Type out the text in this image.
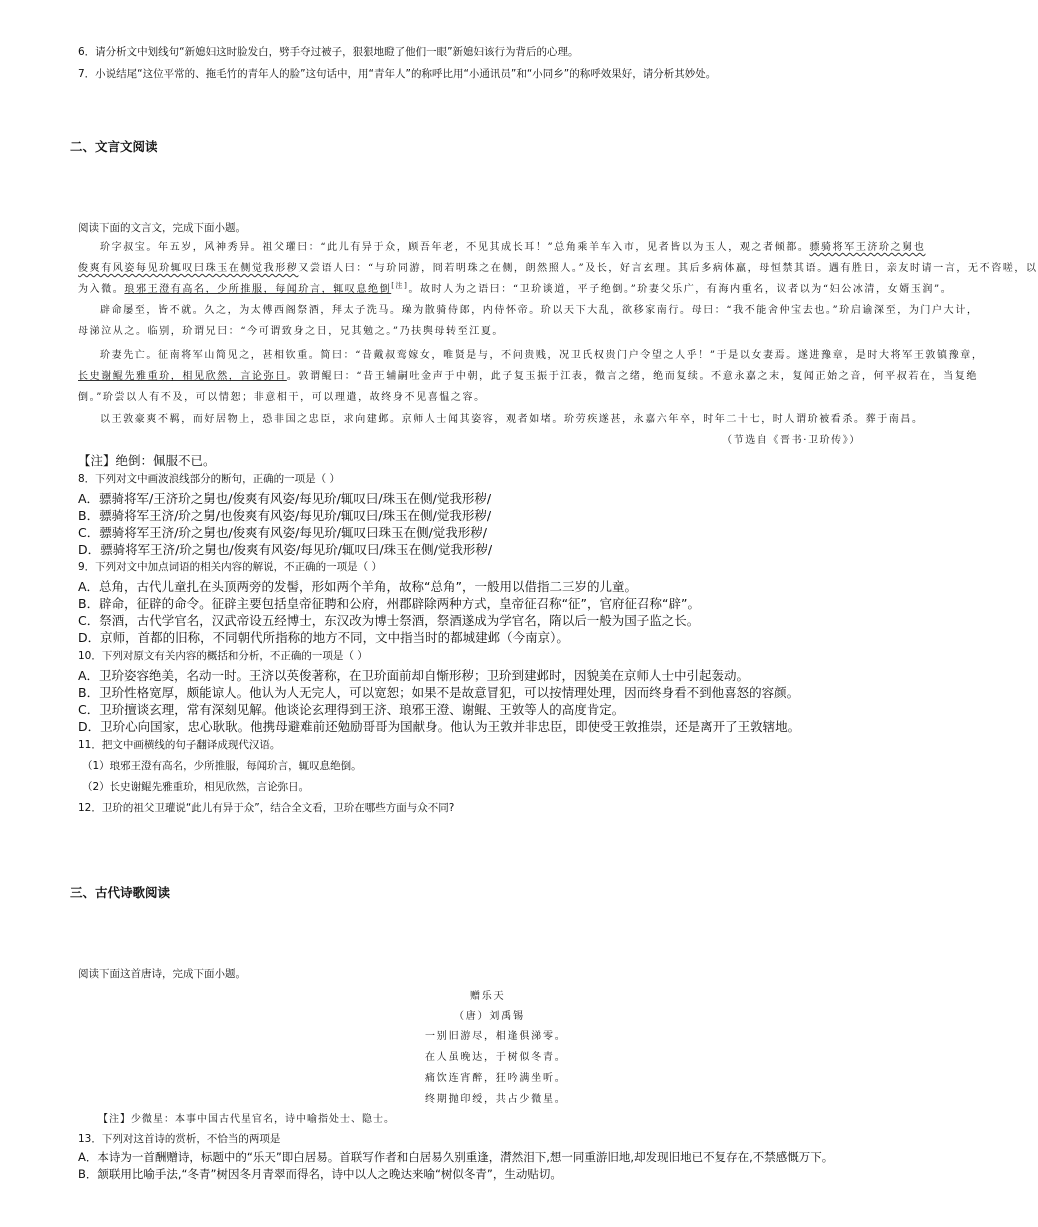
6．请分析文中划线句“新媳妇这时脸发白，劈手夺过被子，狠狠地瞪了他们一眼”新媳妇该行为背后的心理。
7．小说结尾“这位平常的、拖毛竹的青年人的脸”这句话中，用“青年人”的称呼比用“小通讯员”和“小同乡”的称呼效果好，请分析其妙处。
二、文言文阅读
阅读下面的文言文，完成下面小题。
玠字叔宝。年五岁，风神秀异。祖父瓘曰：“此儿有异于众，顾吾年老，不见其成长耳！”总角乘羊车入市，见者皆以为玉人，观之者倾都。骠骑将军王济玠之舅也
俊爽有风姿每见玠辄叹曰珠玉在侧觉我形秽又尝语人曰：“与玠同游，冏若明珠之在侧，朗然照人。”及长，好言玄理。其后多病体羸，母恒禁其语。遇有胜日，亲友时请一言，无不咨嗟，以
为入微。琅邪王澄有高名，少所推服，每闻玠言，辄叹息绝倒[注]。故时人为之语曰：“卫玠谈道，平子绝倒。”玠妻父乐广，有海内重名，议者以为“妇公冰清，女婿玉润”。
辟命屡至，皆不就。久之，为太傅西阁祭酒，拜太子洗马。璪为散骑侍郎，内侍怀帝。玠以天下大乱，欲移家南行。母曰：“我不能舍仲宝去也。”玠启谕深至，为门户大计，
母涕泣从之。临别，玠谓兄曰：“今可谓致身之日，兄其勉之。”乃扶舆母转至江夏。
玠妻先亡。征南将军山简见之，甚相钦重。简曰：“昔戴叔鸾嫁女，唯贤是与，不问贵贱，况卫氏权贵门户令望之人乎！”于是以女妻焉。遂进豫章，是时大将军王敦镇豫章，
长史谢鲲先雅重玠，相见欣然，言论弥日。敦谓鲲曰：“昔王辅嗣吐金声于中朝，此子复玉振于江表，微言之绪，绝而复续。不意永嘉之末，复闻正始之音，何平叔若在，当复绝
倒。”玠尝以人有不及，可以情恕；非意相干，可以理遣，故终身不见喜愠之容。
以王敦豪爽不羁，而好居物上，恐非国之忠臣，求向建邺。京师人士闻其姿容，观者如堵。玠劳疾遂甚，永嘉六年卒，时年二十七，时人谓玠被看杀。葬于南昌。
（节选自《晋书·卫玠传》）
【注】绝倒：佩服不已。
8．下列对文中画波浪线部分的断句，正确的一项是（ ）
A．骠骑将军/王济玠之舅也/俊爽有风姿/每见玠/辄叹曰/珠玉在侧/觉我形秽/
B．骠骑将军王济/玠之舅/也俊爽有风姿/每见玠/辄叹曰/珠玉在侧/觉我形秽/
C．骠骑将军王济/玠之舅也/俊爽有风姿/每见玠/辄叹曰珠玉在侧/觉我形秽/
D．骠骑将军王济/玠之舅也/俊爽有风姿/每见玠/辄叹曰/珠玉在侧/觉我形秽/
9．下列对文中加点词语的相关内容的解说，不正确的一项是（ ）
A．总角，古代儿童扎在头顶两旁的发髻，形如两个羊角，故称“总角”，一般用以借指二三岁的儿童。
B．辟命，征辟的命令。征辟主要包括皇帝征聘和公府，州郡辟除两种方式，皇帝征召称“征”，官府征召称“辟”。
C．祭酒，古代学官名，汉武帝设五经博士，东汉改为博士祭酒，祭酒遂成为学官名，隋以后一般为国子监之长。
D．京师，首都的旧称，不同朝代所指称的地方不同，文中指当时的都城建邺（今南京）。
10．下列对原文有关内容的概括和分析，不正确的一项是（ ）
A．卫玠姿容绝美，名动一时。王济以英俊著称，在卫玠面前却自惭形秽；卫玠到建邺时，因貌美在京师人士中引起轰动。
B．卫玠性格宽厚，颇能谅人。他认为人无完人，可以宽恕；如果不是故意冒犯，可以按情理处理，因而终身看不到他喜怒的容颜。
C．卫玠擅谈玄理，常有深刻见解。他谈论玄理得到王济、琅邪王澄、谢鲲、王敦等人的高度肯定。
D．卫玠心向国家，忠心耿耿。他携母避难前还勉励哥哥为国献身。他认为王敦并非忠臣，即使受王敦推崇，还是离开了王敦辖地。
11．把文中画横线的句子翻译成现代汉语。
（1）琅邪王澄有高名，少所推服，每闻玠言，辄叹息绝倒。
（2）长史谢鲲先雅重玠，相见欣然，言论弥日。
12．卫玠的祖父卫瓘说“此儿有异于众”，结合全文看，卫玠在哪些方面与众不同?
三、古代诗歌阅读
阅读下面这首唐诗，完成下面小题。
赠乐天
（唐）刘禹锡
一别旧游尽，相逢俱涕零。
在人虽晚达，于树似冬青。
痛饮连宵醉，狂吟满坐听。
终期抛印绶，共占少微星。
【注】少微星：本事中国古代星官名，诗中喻指处士、隐士。
13．下列对这首诗的赏析，不恰当的两项是
A．本诗为一首酬赠诗，标题中的“乐天”即白居易。首联写作者和白居易久别重逢，潸然泪下,想一同重游旧地,却发现旧地已不复存在,不禁感慨万下。
B．颔联用比喻手法,“冬青”树因冬月青翠而得名，诗中以人之晚达来喻“树似冬青”，生动贴切。
